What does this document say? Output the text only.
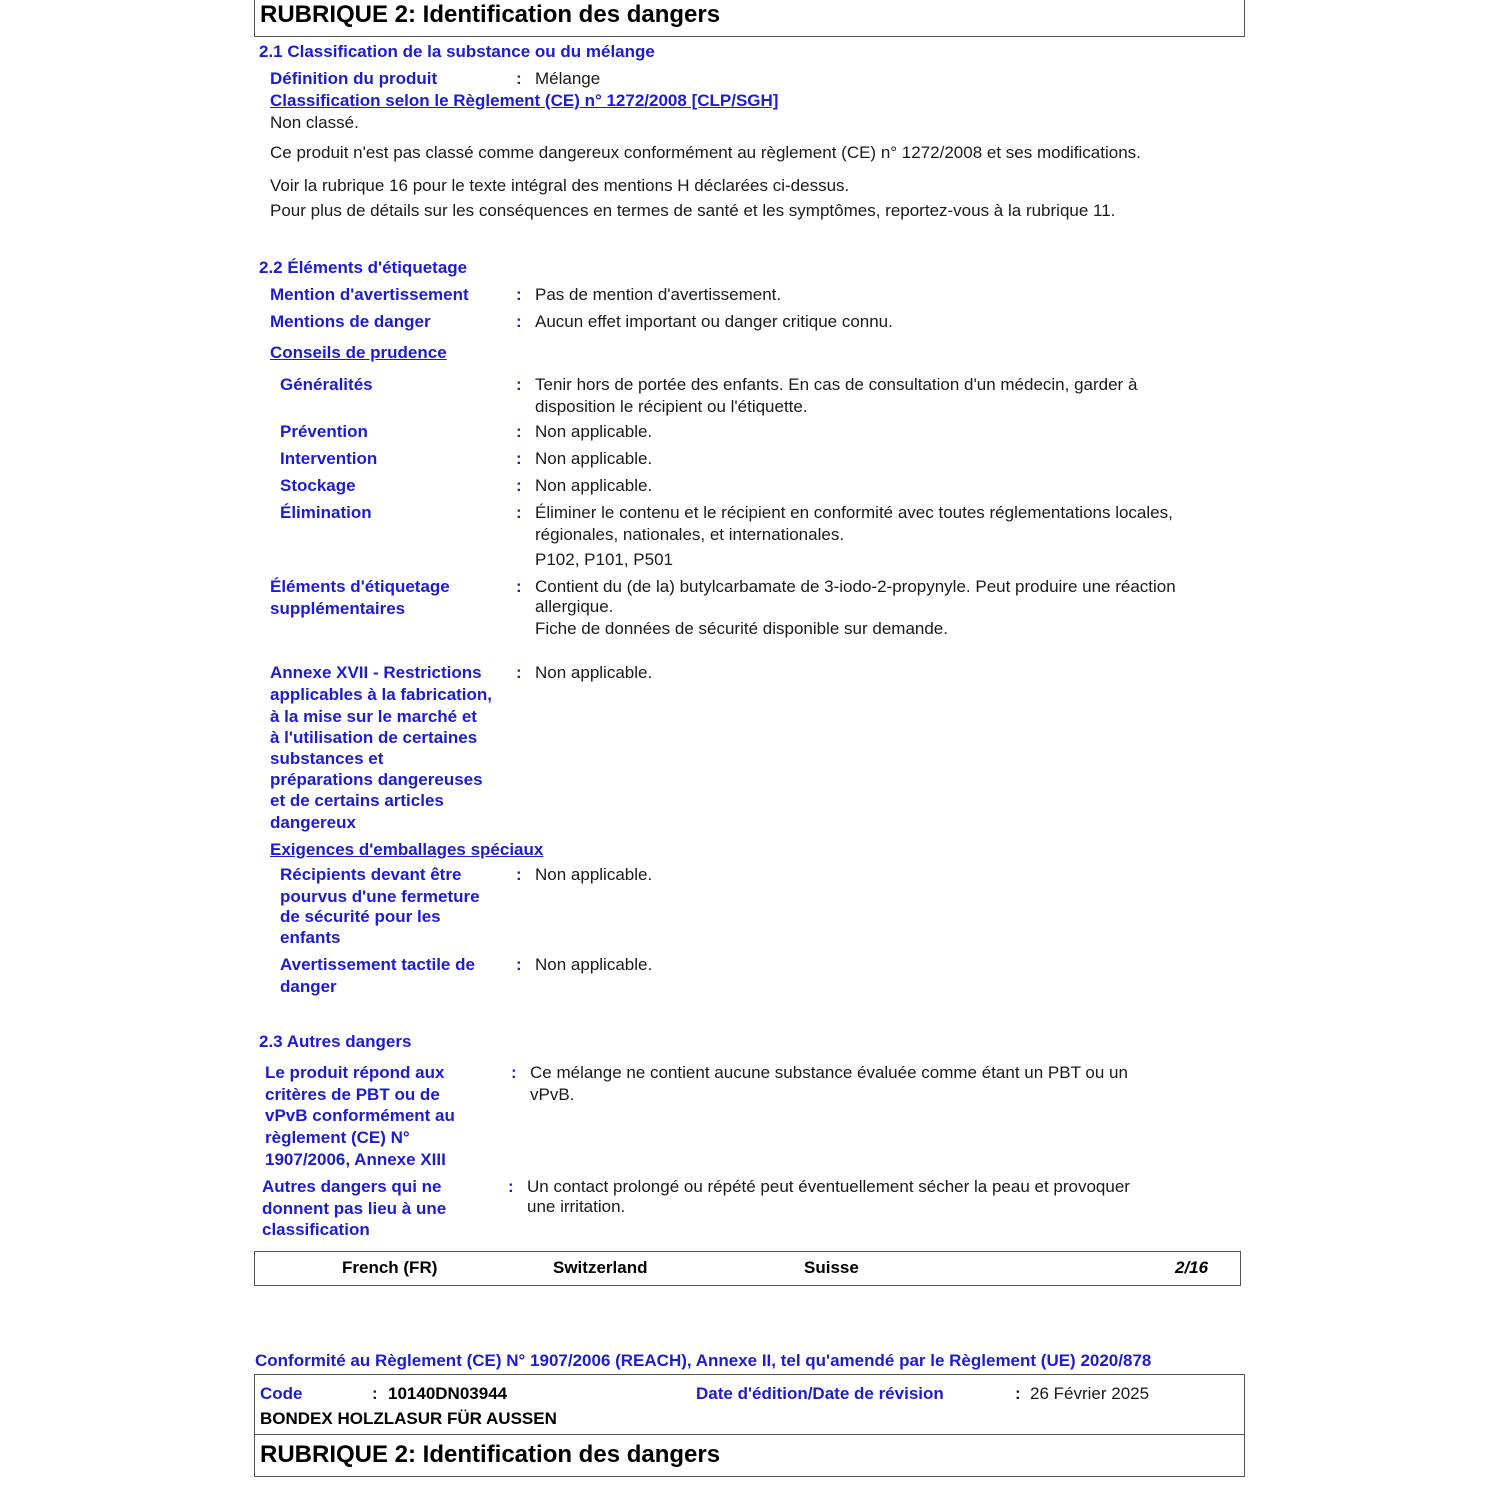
RUBRIQUE 2: Identification des dangers
2.1 Classification de la substance ou du mélange
Définition du produit	: Mélange
Classification selon le Règlement (CE) n° 1272/2008 [CLP/SGH]
Non classé.
Ce produit n'est pas classé comme dangereux conformément au règlement (CE) n° 1272/2008 et ses modifications.
Voir la rubrique 16 pour le texte intégral des mentions H déclarées ci-dessus.
Pour plus de détails sur les conséquences en termes de santé et les symptômes, reportez-vous à la rubrique 11.
2.2 Éléments d'étiquetage
Mention d'avertissement	: Pas de mention d'avertissement.
Mentions de danger	: Aucun effet important ou danger critique connu.
Conseils de prudence
Généralités	: Tenir hors de portée des enfants. En cas de consultation d'un médecin, garder à
disposition le récipient ou l'étiquette.
Prévention	: Non applicable.
Intervention	: Non applicable.
Stockage	: Non applicable.
Élimination	: Éliminer le contenu et le récipient en conformité avec toutes réglementations locales,
régionales, nationales, et internationales.
P102, P101, P501
Éléments d'étiquetage
supplémentaires
: Contient du (de la) butylcarbamate de 3-iodo-2-propynyle. Peut produire une réaction
allergique.
Fiche de données de sécurité disponible sur demande.
Annexe XVII - Restrictions
applicables à la fabrication,
à la mise sur le marché et
à l'utilisation de certaines
substances et
préparations dangereuses
et de certains articles
dangereux
: Non applicable.
Exigences d'emballages spéciaux
Récipients devant être
pourvus d'une fermeture
de sécurité pour les
enfants
: Non applicable.
Avertissement tactile de
danger
: Non applicable.
2.3 Autres dangers
Le produit répond aux
critères de PBT ou de
vPvB conformément au
règlement (CE) N°
1907/2006, Annexe XIII
: Ce mélange ne contient aucune substance évaluée comme étant un PBT ou un
vPvB.
Autres dangers qui ne
donnent pas lieu à une
classification
: Un contact prolongé ou répété peut éventuellement sécher la peau et provoquer
une irritation.
French (FR)	Switzerland	Suisse	2/16
Conformité au Règlement (CE) N° 1907/2006 (REACH), Annexe II, tel qu'amendé par le Règlement (UE) 2020/878
Code	: 10140DN03944	Date d'édition/Date de révision	: 26 Février 2025
BONDEX HOLZLASUR FÜR AUSSEN
RUBRIQUE 2: Identification des dangers
